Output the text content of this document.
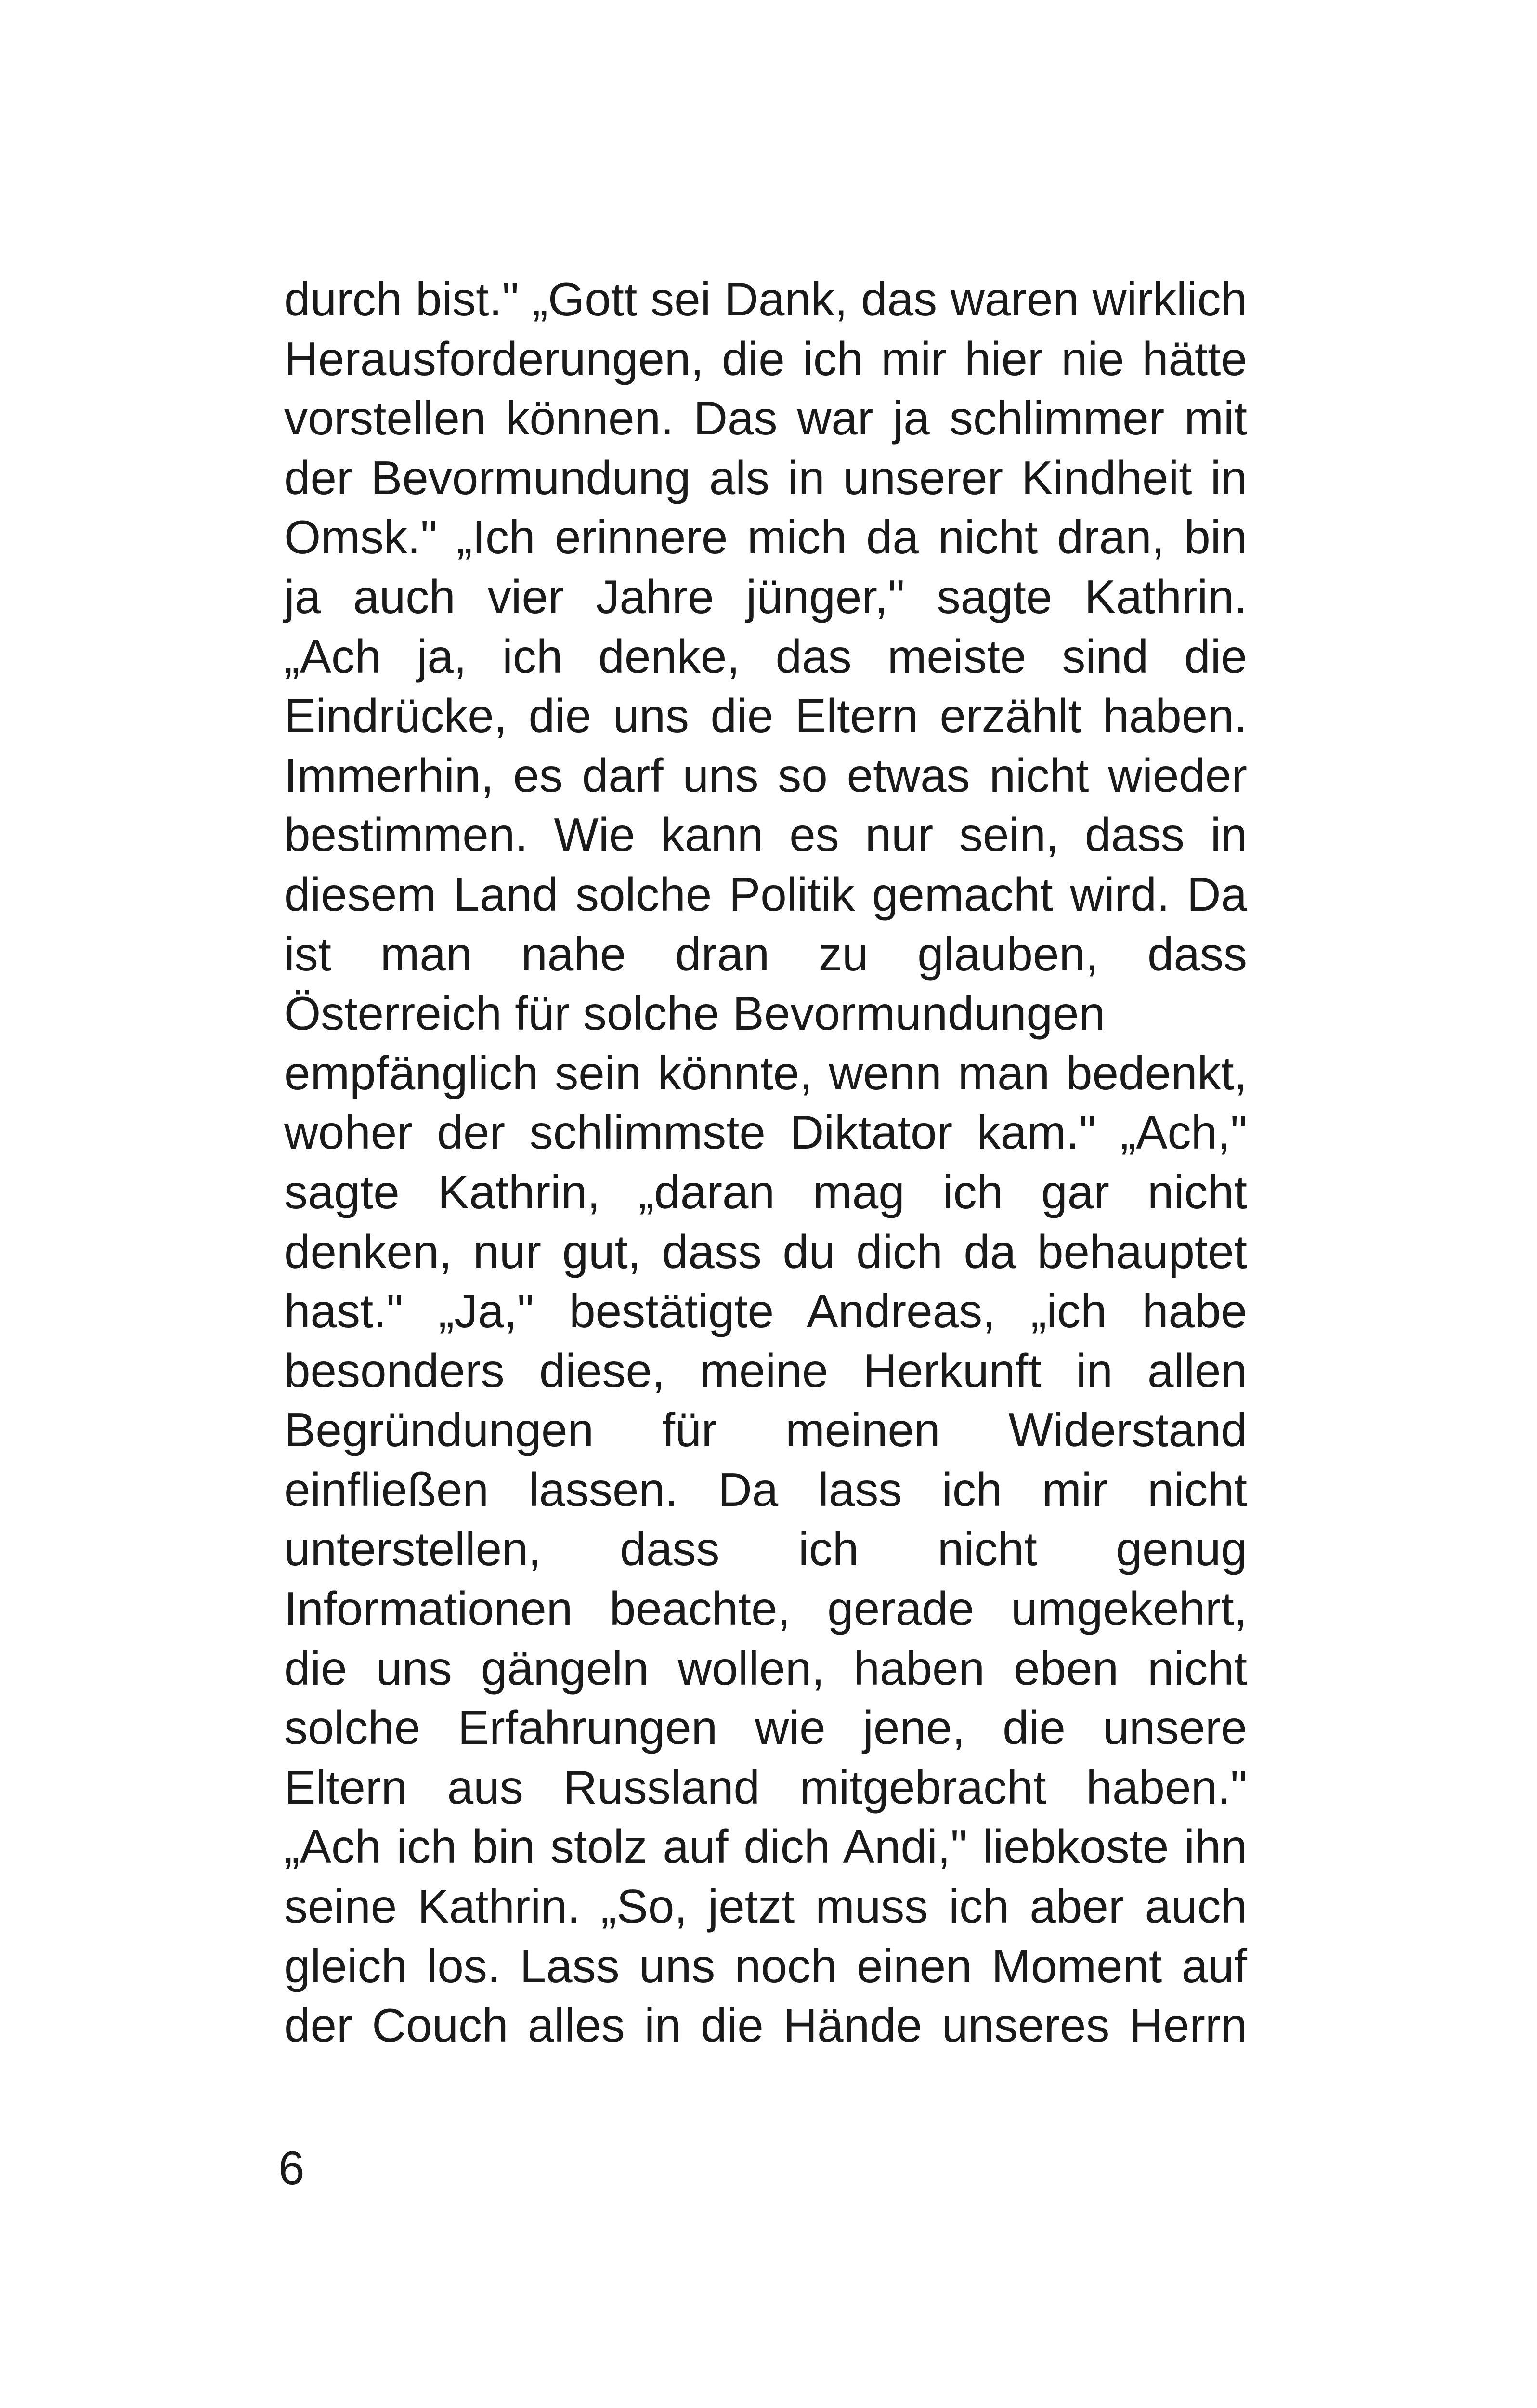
durch bist." „Gott sei Dank, das waren wirklich
Herausforderungen, die ich mir hier nie hätte
vorstellen können. Das war ja schlimmer mit
der Bevormundung als in unserer Kindheit in
Omsk." „Ich erinnere mich da nicht dran, bin
ja auch vier Jahre jünger," sagte Kathrin.
„Ach ja, ich denke, das meiste sind die
Eindrücke, die uns die Eltern erzählt haben.
Immerhin, es darf uns so etwas nicht wieder
bestimmen. Wie kann es nur sein, dass in
diesem Land solche Politik gemacht wird. Da
ist man nahe dran zu glauben, dass
Österreich für solche Bevormundungen
empfänglich sein könnte, wenn man bedenkt,
woher der schlimmste Diktator kam." „Ach,"
sagte Kathrin, „daran mag ich gar nicht
denken, nur gut, dass du dich da behauptet
hast." „Ja," bestätigte Andreas, „ich habe
besonders diese, meine Herkunft in allen
Begründungen für meinen Widerstand
einfließen lassen. Da lass ich mir nicht
unterstellen, dass ich nicht genug
Informationen beachte, gerade umgekehrt,
die uns gängeln wollen, haben eben nicht
solche Erfahrungen wie jene, die unsere
Eltern aus Russland mitgebracht haben."
„Ach ich bin stolz auf dich Andi," liebkoste ihn
seine Kathrin. „So, jetzt muss ich aber auch
gleich los. Lass uns noch einen Moment auf
der Couch alles in die Hände unseres Herrn
6
